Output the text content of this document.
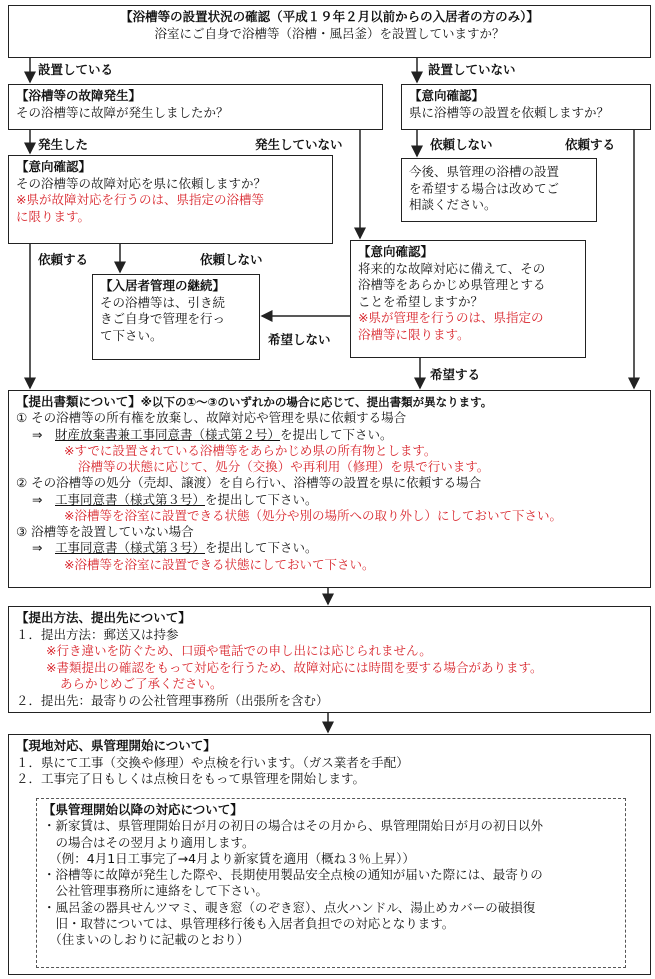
【浴槽等の設置状況の確認（平成１９年２月以前からの入居者の方のみ）】
浴室にご自身で浴槽等（浴槽・風呂釜）を設置していますか？
設置している	設置していない
【浴槽等の故障発生】
その浴槽等に故障が発生しましたか？
【意向確認】
県に浴槽等の設置を依頼しますか？
発生した	発生していない	依頼しない	依頼する
今後、県管理の浴槽の設置
を希望する場合は改めてご
相談ください。
【意向確認】
その浴槽等の故障対応を県に依頼しますか？
※県が故障対応を行うのは、県指定の浴槽等
に限ります。
【意向確認】
将来的な故障対応に備えて、その
浴槽等をあらかじめ県管理とする
ことを希望しますか？
※県が管理を行うのは、県指定の
浴槽等に限ります。
依頼する	依頼しない
【入居者管理の継続】
その浴槽等は、引き続
きご自身で管理を行っ
て下さい。	希望しない
希望する
【提出書類について】※以下の①～③のいずれかの場合に応じて、提出書類が異なります。
① その浴槽等の所有権を放棄し、故障対応や管理を県に依頼する場合
⇒　 財産放棄書兼工事同意書（様式第２号）を提出して下さい。
※すでに設置されている浴槽等をあらかじめ県の所有物とします。
浴槽等の状態に応じて、処分（交換）や再利用（修理）を県で行います。
② その浴槽等の処分（売却、譲渡）を自ら行い、浴槽等の設置を県に依頼する場合
⇒　 工事同意書（様式第３号）を提出して下さい。
※浴槽等を浴室に設置できる状態（処分や別の場所への取り外し）にしておいて下さい。
③ 浴槽等を設置していない場合
⇒　 工事同意書（様式第３号）を提出して下さい。
※浴槽等を浴室に設置できる状態にしておいて下さい。
【提出方法、提出先について】
１．提出方法：郵送又は持参
※行き違いを防ぐため、口頭や電話での申し出には応じられません。
※書類提出の確認をもって対応を行うため、故障対応には時間を要する場合があります。
あらかじめご了承ください。
２．提出先：最寄りの公社管理事務所（出張所を含む）
【現地対応、県管理開始について】
１．県にて工事（交換や修理）や点検を行います。（ガス業者を手配）
２．工事完了日もしくは点検日をもって県管理を開始します。
【県管理開始以降の対応について】
・新家賃は、県管理開始日が月の初日の場合はその月から、県管理開始日が月の初日以外
　の場合はその翌月より適用します。
　（例：4月1日工事完了→4月より新家賃を適用（概ね３％上昇））
・浴槽等に故障が発生した際や、長期使用製品安全点検の通知が届いた際には、最寄りの
　公社管理事務所に連絡をして下さい。
・風呂釜の器具せんツマミ、覗き窓（のぞき窓）、点火ハンドル、湯止めカバーの破損復
　旧・取替については、県管理移行後も入居者負担での対応となります。
　（住まいのしおりに記載のとおり）
